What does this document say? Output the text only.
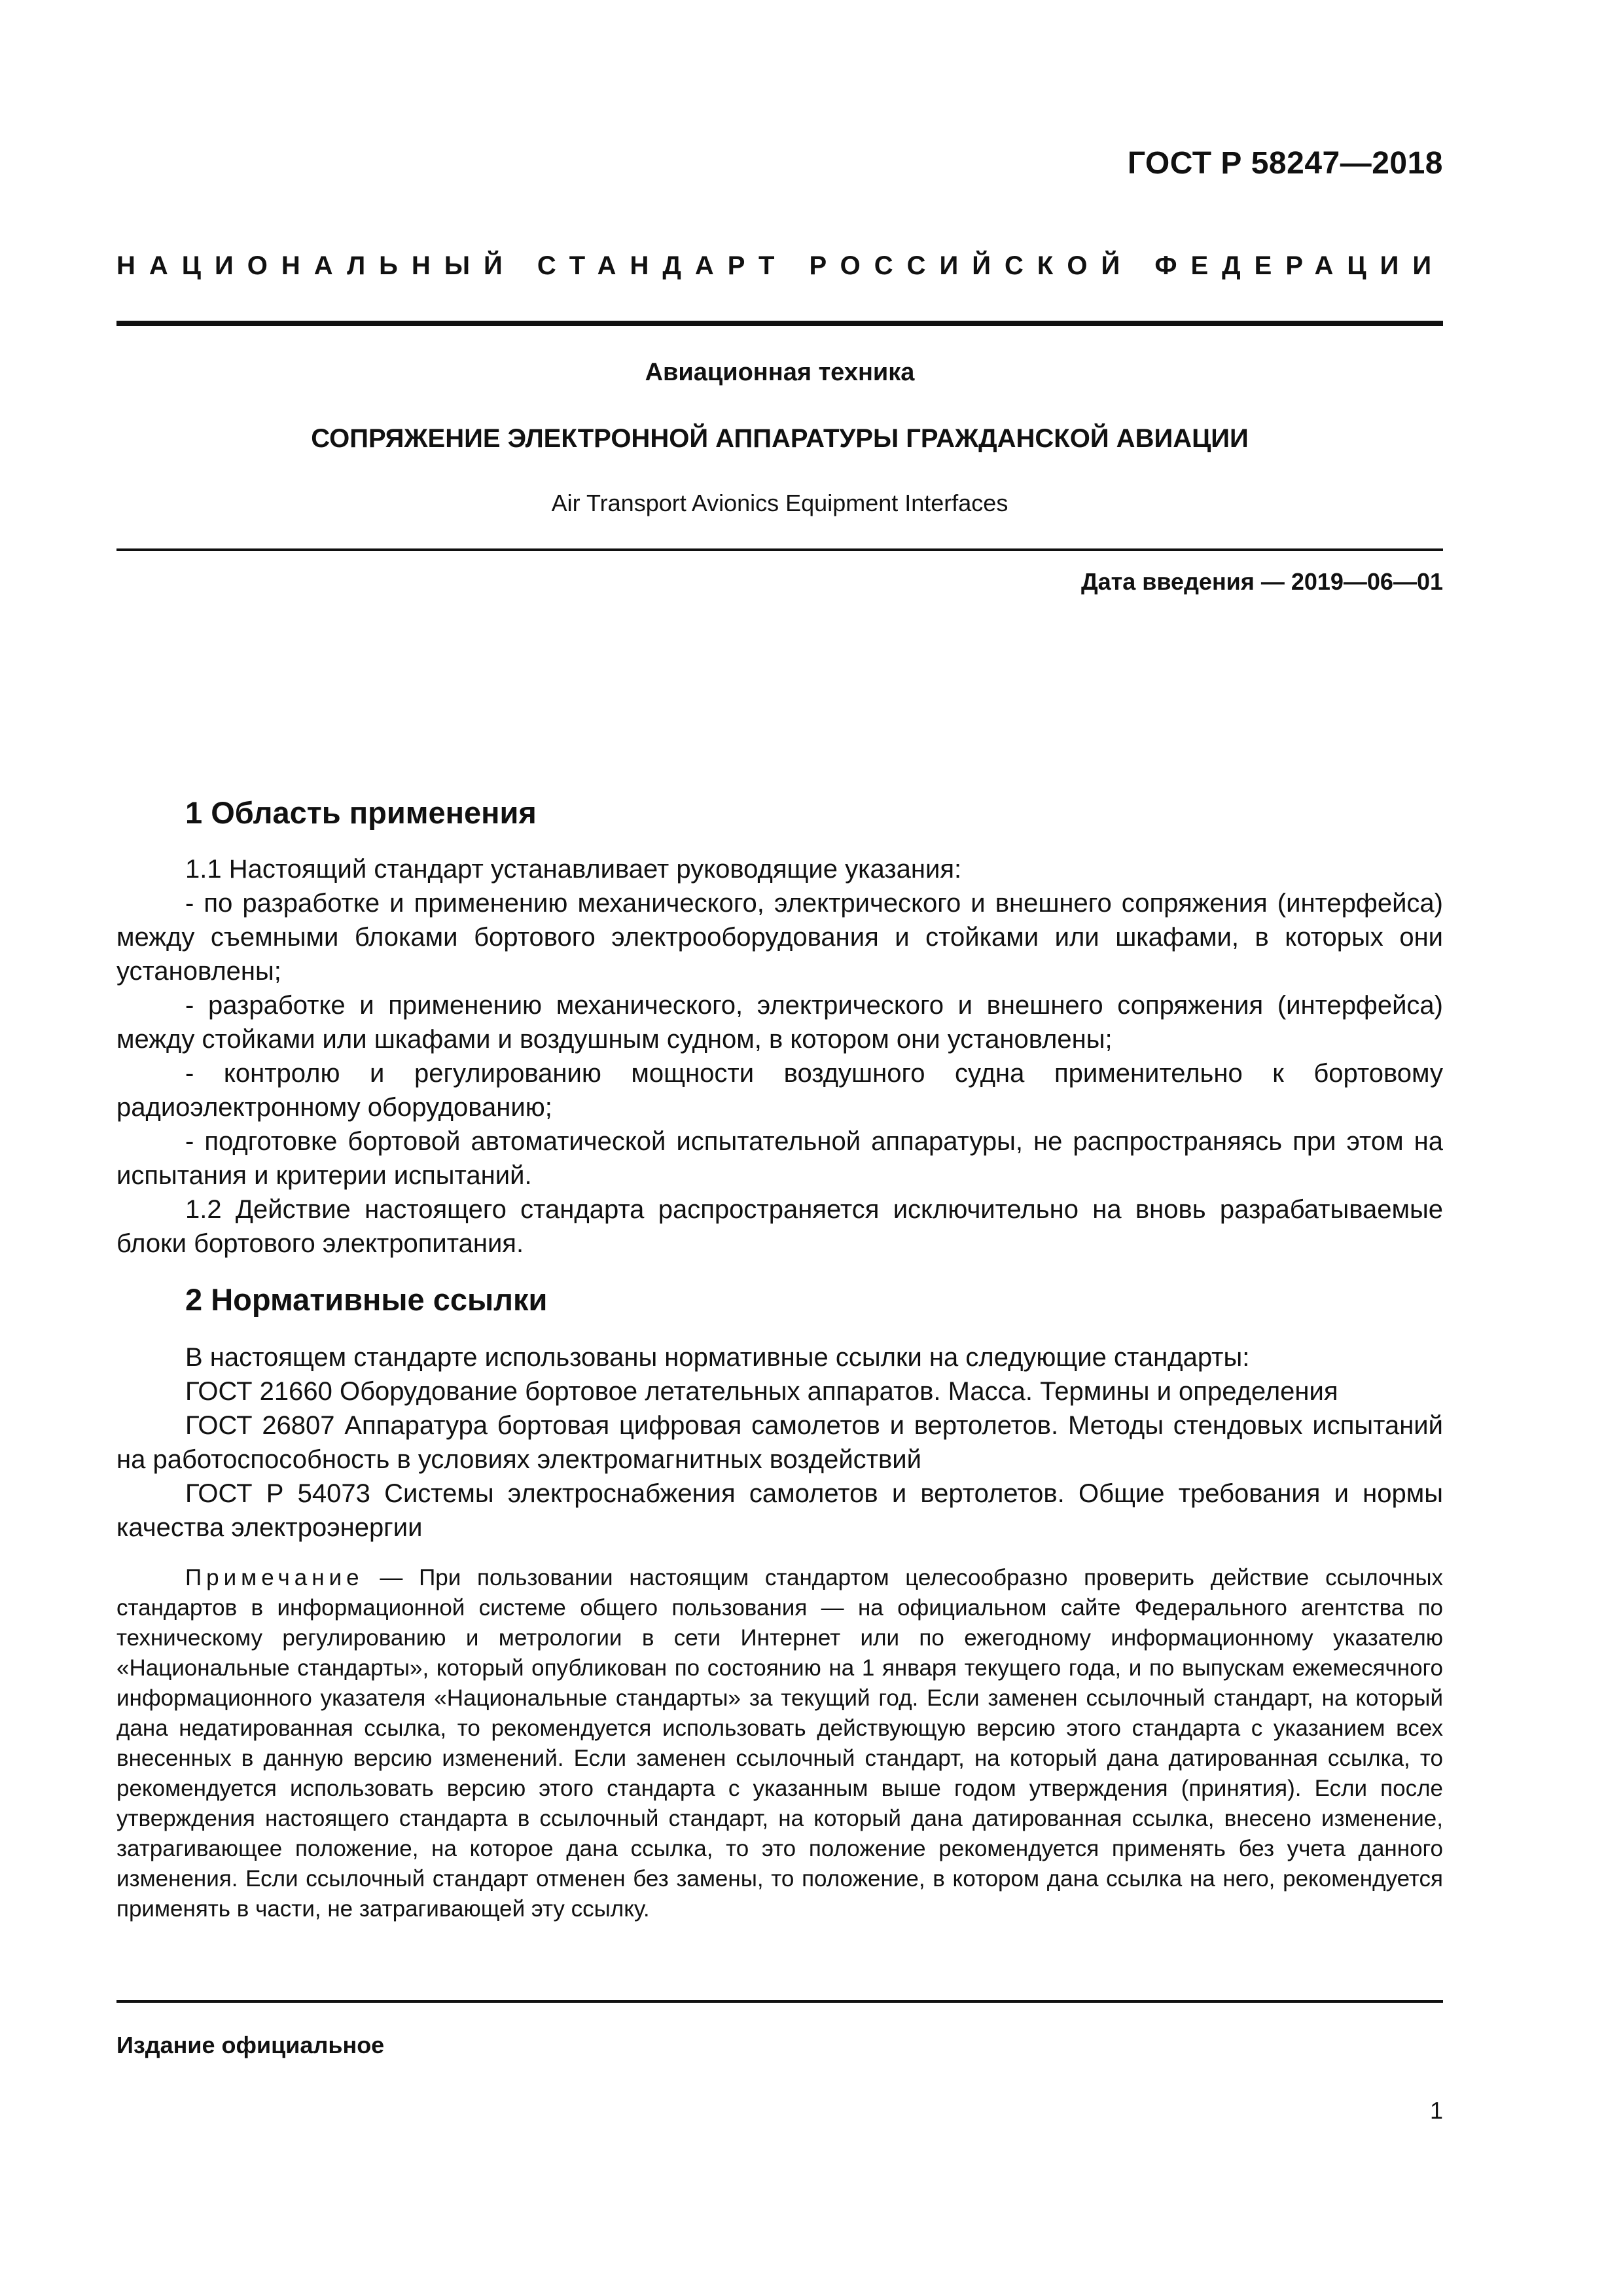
ГОСТ Р 58247—2018
НАЦИОНАЛЬНЫЙ СТАНДАРТ РОССИЙСКОЙ ФЕДЕРАЦИИ
Авиационная техника
СОПРЯЖЕНИЕ ЭЛЕКТРОННОЙ АППАРАТУРЫ ГРАЖДАНСКОЙ АВИАЦИИ
Air Transport Avionics Equipment Interfaces
Дата введения — 2019—06—01
1 Область применения

1.1 Настоящий стандарт устанавливает руководящие указания:

- по разработке и применению механического, электрического и внешнего сопряжения (интерфейса) между съемными блоками бортового электрооборудования и стойками или шкафами, в которых они установлены;

- разработке и применению механического, электрического и внешнего сопряжения (интерфейса) между стойками или шкафами и воздушным судном, в котором они установлены;

- контролю и регулированию мощности воздушного судна применительно к бортовому радиоэлектронному оборудованию;

- подготовке бортовой автоматической испытательной аппаратуры, не распространяясь при этом на испытания и критерии испытаний.

1.2 Действие настоящего стандарта распространяется исключительно на вновь разрабатываемые блоки бортового электропитания.

2 Нормативные ссылки

В настоящем стандарте использованы нормативные ссылки на следующие стандарты:

ГОСТ 21660 Оборудование бортовое летательных аппаратов. Масса. Термины и определения

ГОСТ 26807 Аппаратура бортовая цифровая самолетов и вертолетов. Методы стендовых испытаний на работоспособность в условиях электромагнитных воздействий

ГОСТ Р 54073 Системы электроснабжения самолетов и вертолетов. Общие требования и нормы качества электроэнергии

Примечание — При пользовании настоящим стандартом целесообразно проверить действие ссылочных стандартов в информационной системе общего пользования — на официальном сайте Федерального агентства по техническому регулированию и метрологии в сети Интернет или по ежегодному информационному указателю «Национальные стандарты», который опубликован по состоянию на 1 января текущего года, и по выпускам ежемесячного информационного указателя «Национальные стандарты» за текущий год. Если заменен ссылочный стандарт, на который дана недатированная ссылка, то рекомендуется использовать действующую версию этого стандарта с указанием всех внесенных в данную версию изменений. Если заменен ссылочный стандарт, на который дана датированная ссылка, то рекомендуется использовать версию этого стандарта с указанным выше годом утверждения (принятия). Если после утверждения настоящего стандарта в ссылочный стандарт, на который дана датированная ссылка, внесено изменение, затрагивающее положение, на которое дана ссылка, то это положение рекомендуется применять без учета данного изменения. Если ссылочный стандарт отменен без замены, то положение, в котором дана ссылка на него, рекомендуется применять в части, не затрагивающей эту ссылку.

Издание официальное
1
